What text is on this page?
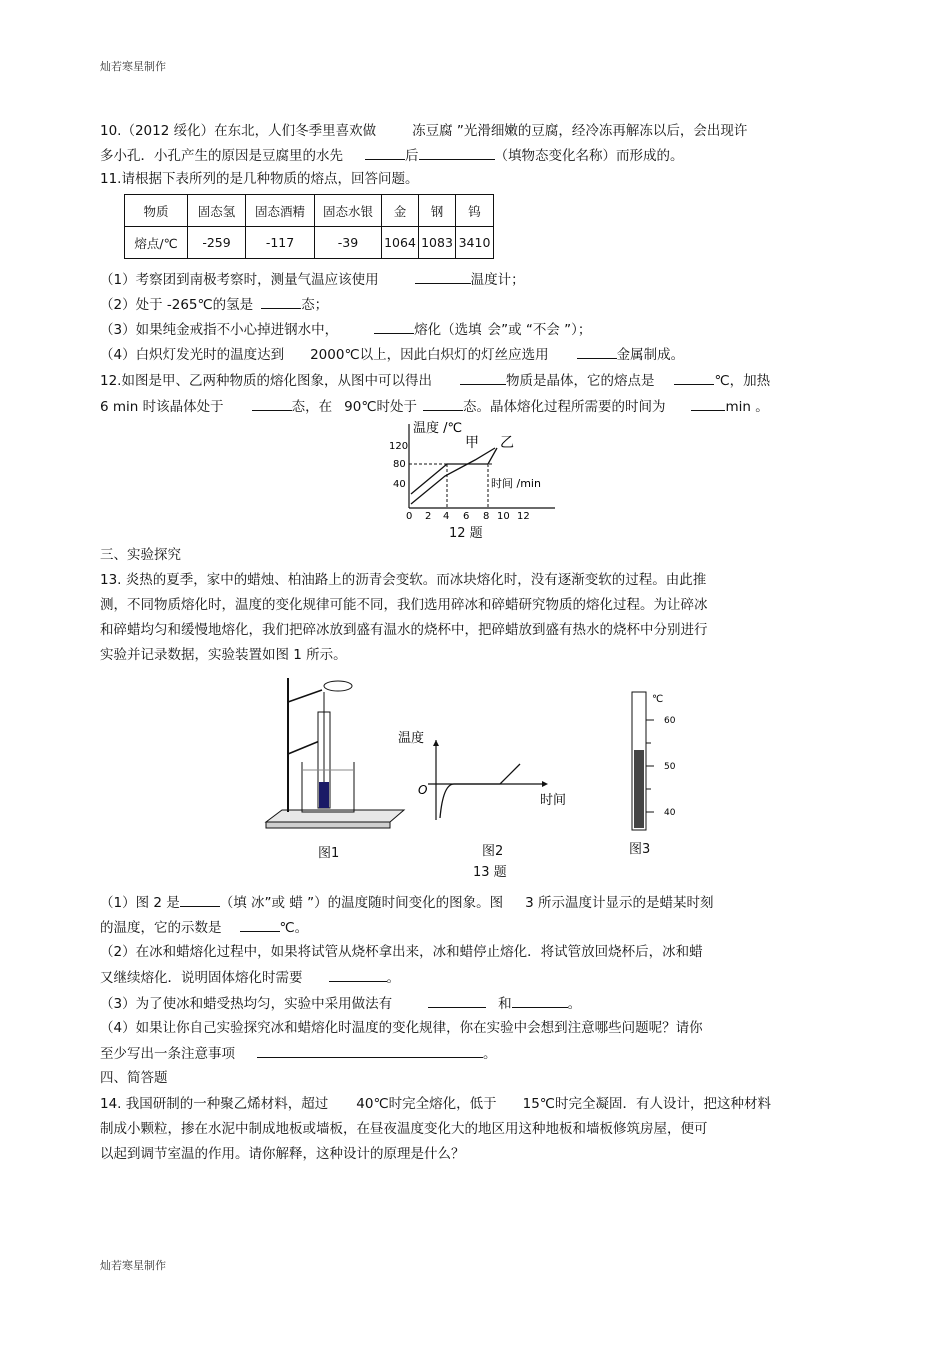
灿若寒星制作
10.（2012 绥化）在东北，人们冬季里喜欢做	冻豆腐 ”光滑细嫩的豆腐，经冷冻再解冻以后，会出现许
多小孔．小孔产生的原因是豆腐里的水先	后	（填物态变化名称）而形成的。
11.请根据下表所列的是几种物质的熔点，回答问题。
物质	固态氢	固态酒精	固态水银	金	钢	钨
熔点/℃	-259	-117	-39	1064	1083	3410
（1）考察团到南极考察时，测量气温应该使用	温度计；
（2）处于 -265℃的氢是	态；
（3）如果纯金戒指不小心掉进钢水中，	熔化（选填 会”或 “不会 ”）；
（4）白炽灯发光时的温度达到 2000℃以上，因此白炽灯的灯丝应选用	金属制成。
12.如图是甲、乙两种物质的熔化图象，从图中可以得出	物质是晶体，它的熔点是	℃，加热
6 min 时该晶体处于	态，在 90℃时处于	态。晶体熔化过程所需要的时间为	min 。
温度 /℃
120
80
40
甲 乙
时间 /min
0 2 4 6 8 10 12
12 题
三、实验探究
13. 炎热的夏季，家中的蜡烛、柏油路上的沥青会变软。而冰块熔化时，没有逐渐变软的过程。由此推
测，不同物质熔化时，温度的变化规律可能不同，我们选用碎冰和碎蜡研究物质的熔化过程。为让碎冰
和碎蜡均匀和缓慢地熔化，我们把碎冰放到盛有温水的烧杯中，把碎蜡放到盛有热水的烧杯中分别进行
实验并记录数据，实验装置如图 1 所示。
图1
温度
时间
O
图2
℃
60
50
40
图3
13 题
（1）图 2 是	（填 冰”或 蜡 ”）的温度随时间变化的图象。图 3 所示温度计显示的是蜡某时刻
的温度，它的示数是	℃。
（2）在冰和蜡熔化过程中，如果将试管从烧杯拿出来，冰和蜡停止熔化．将试管放回烧杯后，冰和蜡
又继续熔化．说明固体熔化时需要	。
（3）为了使冰和蜡受热均匀，实验中采用做法有	和	。
（4）如果让你自己实验探究冰和蜡熔化时温度的变化规律，你在实验中会想到注意哪些问题呢？请你
至少写出一条注意事项	。
四、简答题
14. 我国研制的一种聚乙烯材料，超过 40℃时完全熔化，低于 15℃时完全凝固．有人设计，把这种材料
制成小颗粒，掺在水泥中制成地板或墙板，在昼夜温度变化大的地区用这种地板和墙板修筑房屋，便可
以起到调节室温的作用。请你解释，这种设计的原理是什么？
灿若寒星制作
